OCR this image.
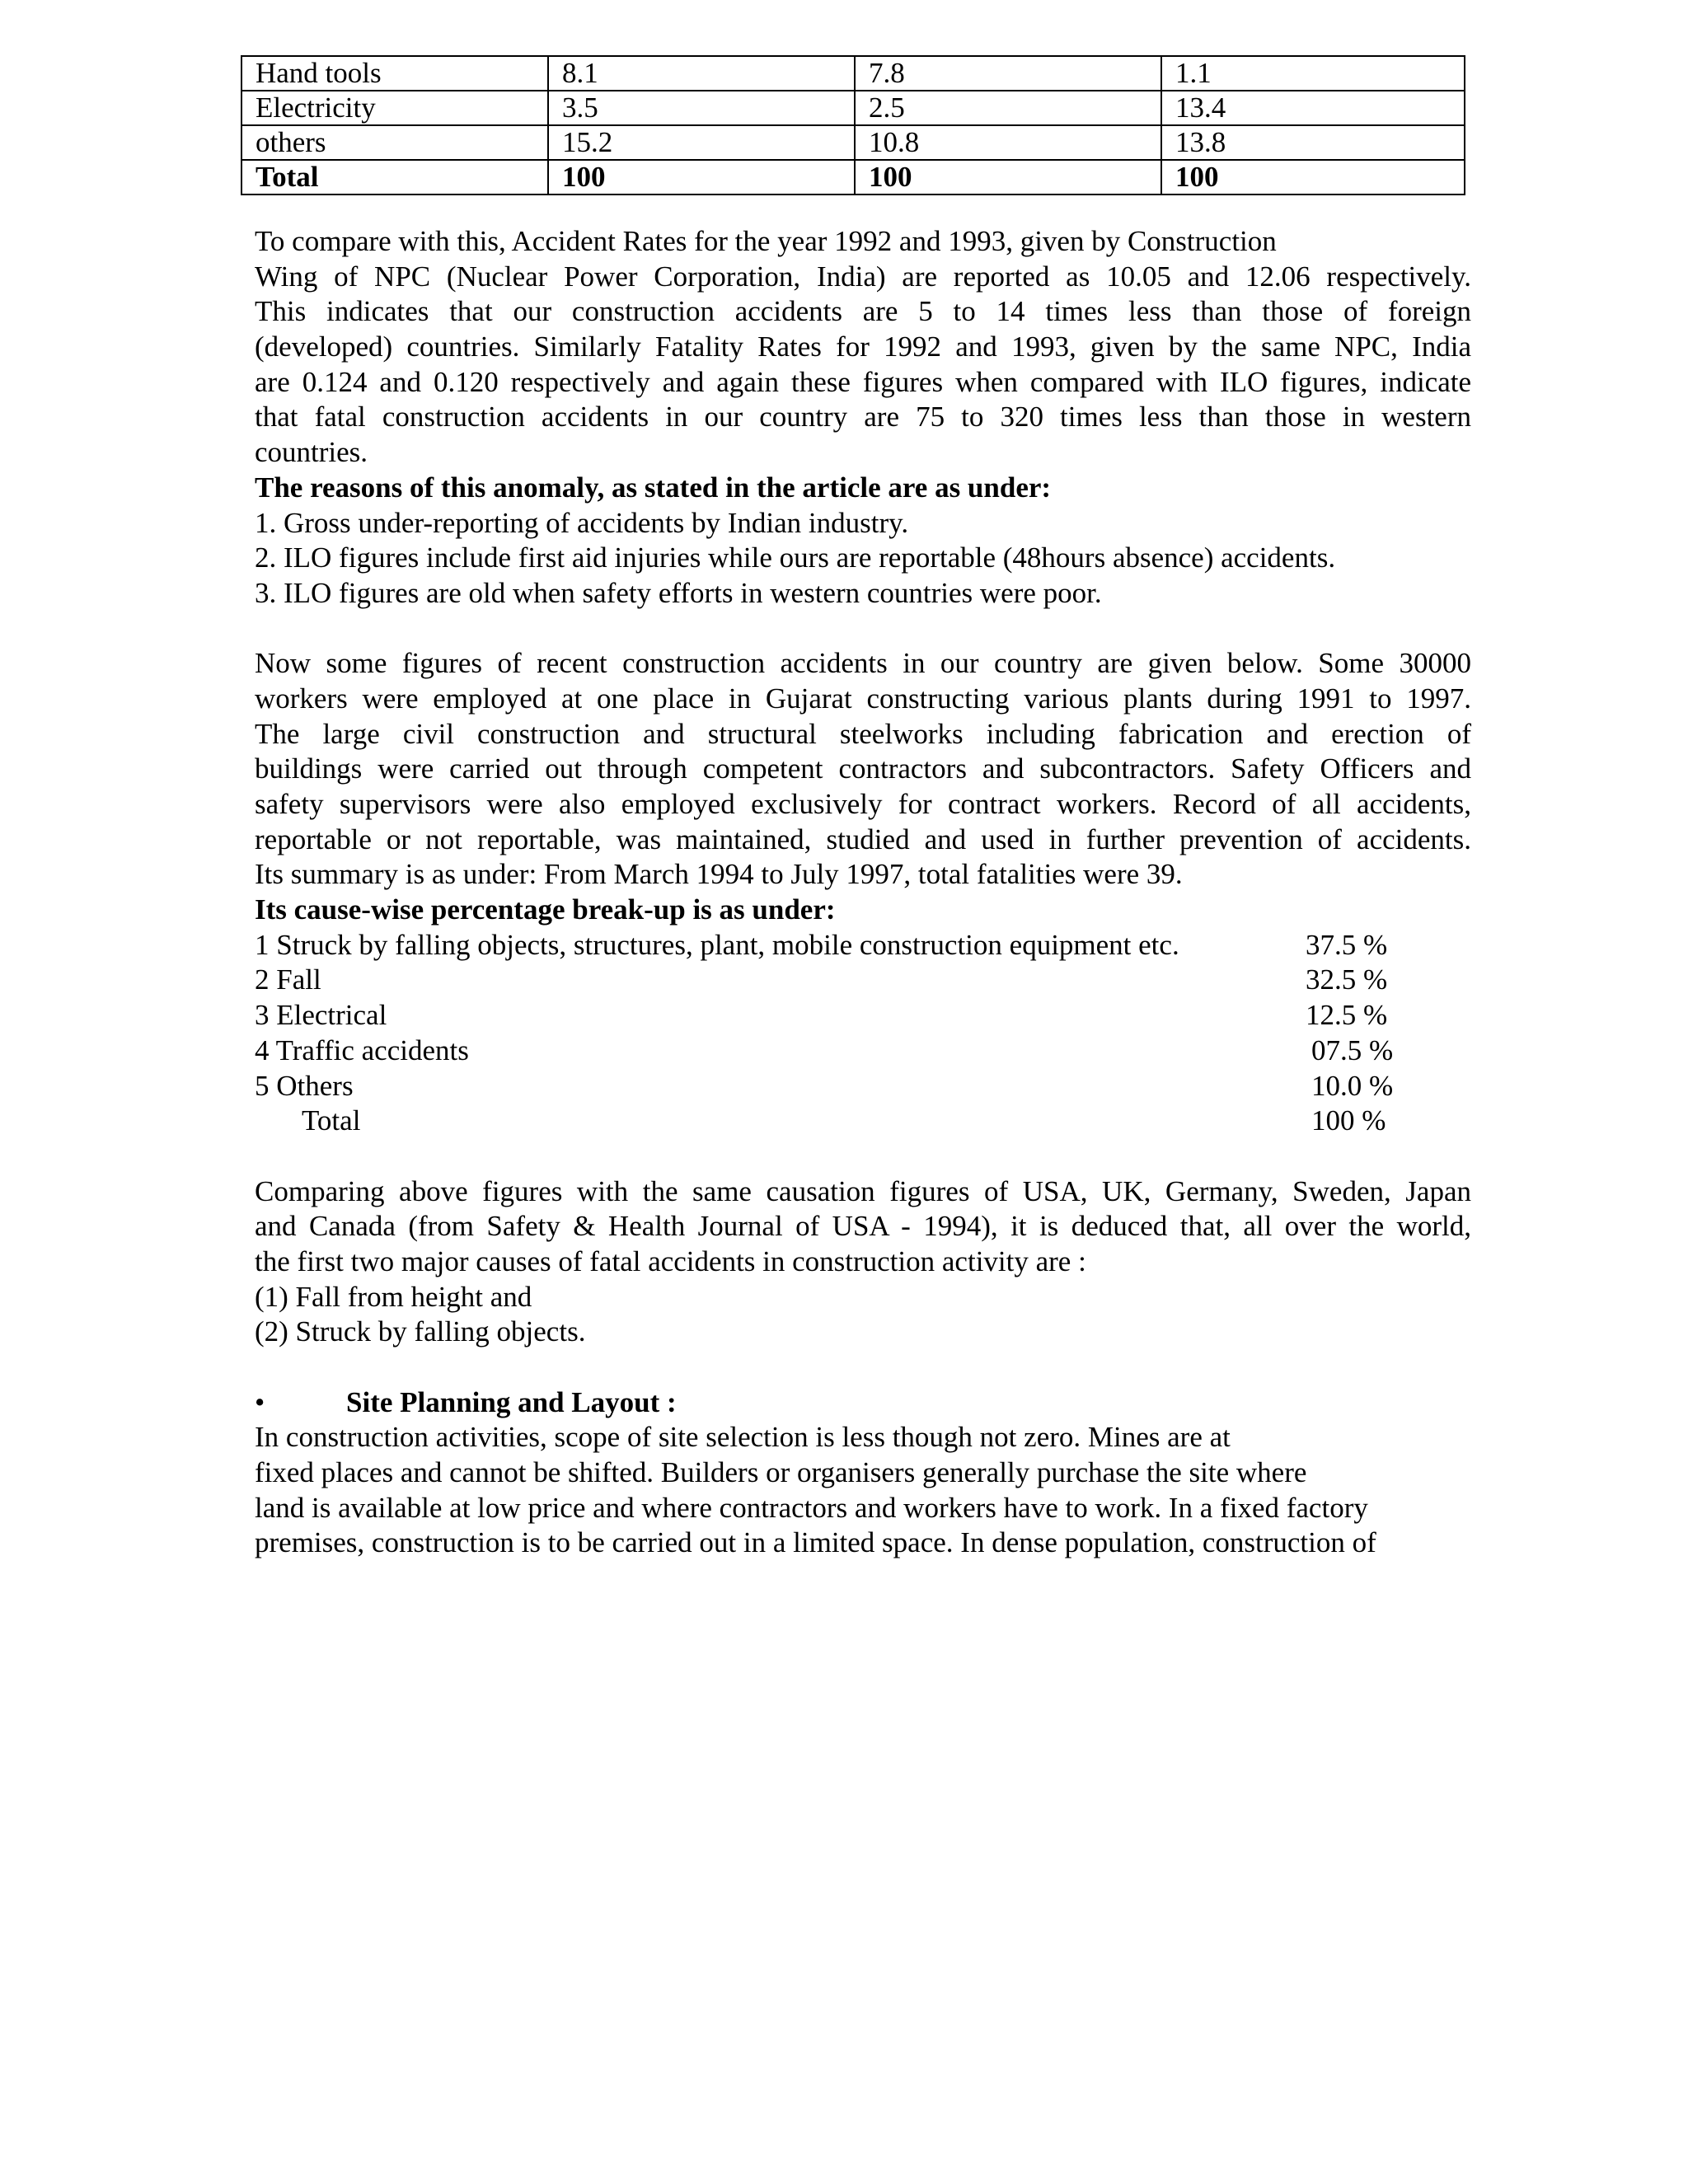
Hand tools	8.1	7.8	1.1
Electricity	3.5	2.5	13.4
others	15.2	10.8	13.8
Total	100	100	100
To compare with this, Accident Rates for the year 1992 and 1993, given by Construction
Wing of NPC (Nuclear Power Corporation, India) are reported as 10.05 and 12.06 respectively.
This indicates that our construction accidents are 5 to 14 times less than those of foreign
(developed) countries. Similarly Fatality Rates for 1992 and 1993, given by the same NPC, India
are 0.124 and 0.120 respectively and again these figures when compared with ILO figures, indicate
that fatal construction accidents in our country are 75 to 320 times less than those in western
countries.
The reasons of this anomaly, as stated in the article are as under:
1. Gross under-reporting of accidents by Indian industry.
2. ILO figures include first aid injuries while ours are reportable (48hours absence) accidents.
3. ILO figures are old when safety efforts in western countries were poor.
Now some figures of recent construction accidents in our country are given below. Some 30000
workers were employed at one place in Gujarat constructing various plants during 1991 to 1997.
The large civil construction and structural steelworks including fabrication and erection of
buildings were carried out through competent contractors and subcontractors. Safety Officers and
safety supervisors were also employed exclusively for contract workers. Record of all accidents,
reportable or not reportable, was maintained, studied and used in further prevention of accidents.
Its summary is as under: From March 1994 to July 1997, total fatalities were 39.
Its cause-wise percentage break-up is as under:
1 Struck by falling objects, structures, plant, mobile construction equipment etc.	37.5 %
2 Fall	32.5 %
3 Electrical	12.5 %
4 Traffic accidents	07.5 %
5 Others	10.0 %
Total	100 %
Comparing above figures with the same causation figures of USA, UK, Germany, Sweden, Japan
and Canada (from Safety & Health Journal of USA - 1994), it is deduced that, all over the world,
the first two major causes of fatal accidents in construction activity are :
(1) Fall from height and
(2) Struck by falling objects.
•	Site Planning and Layout :
In construction activities, scope of site selection is less though not zero. Mines are at
fixed places and cannot be shifted. Builders or organisers generally purchase the site where
land is available at low price and where contractors and workers have to work. In a fixed factory
premises, construction is to be carried out in a limited space. In dense population, construction of
